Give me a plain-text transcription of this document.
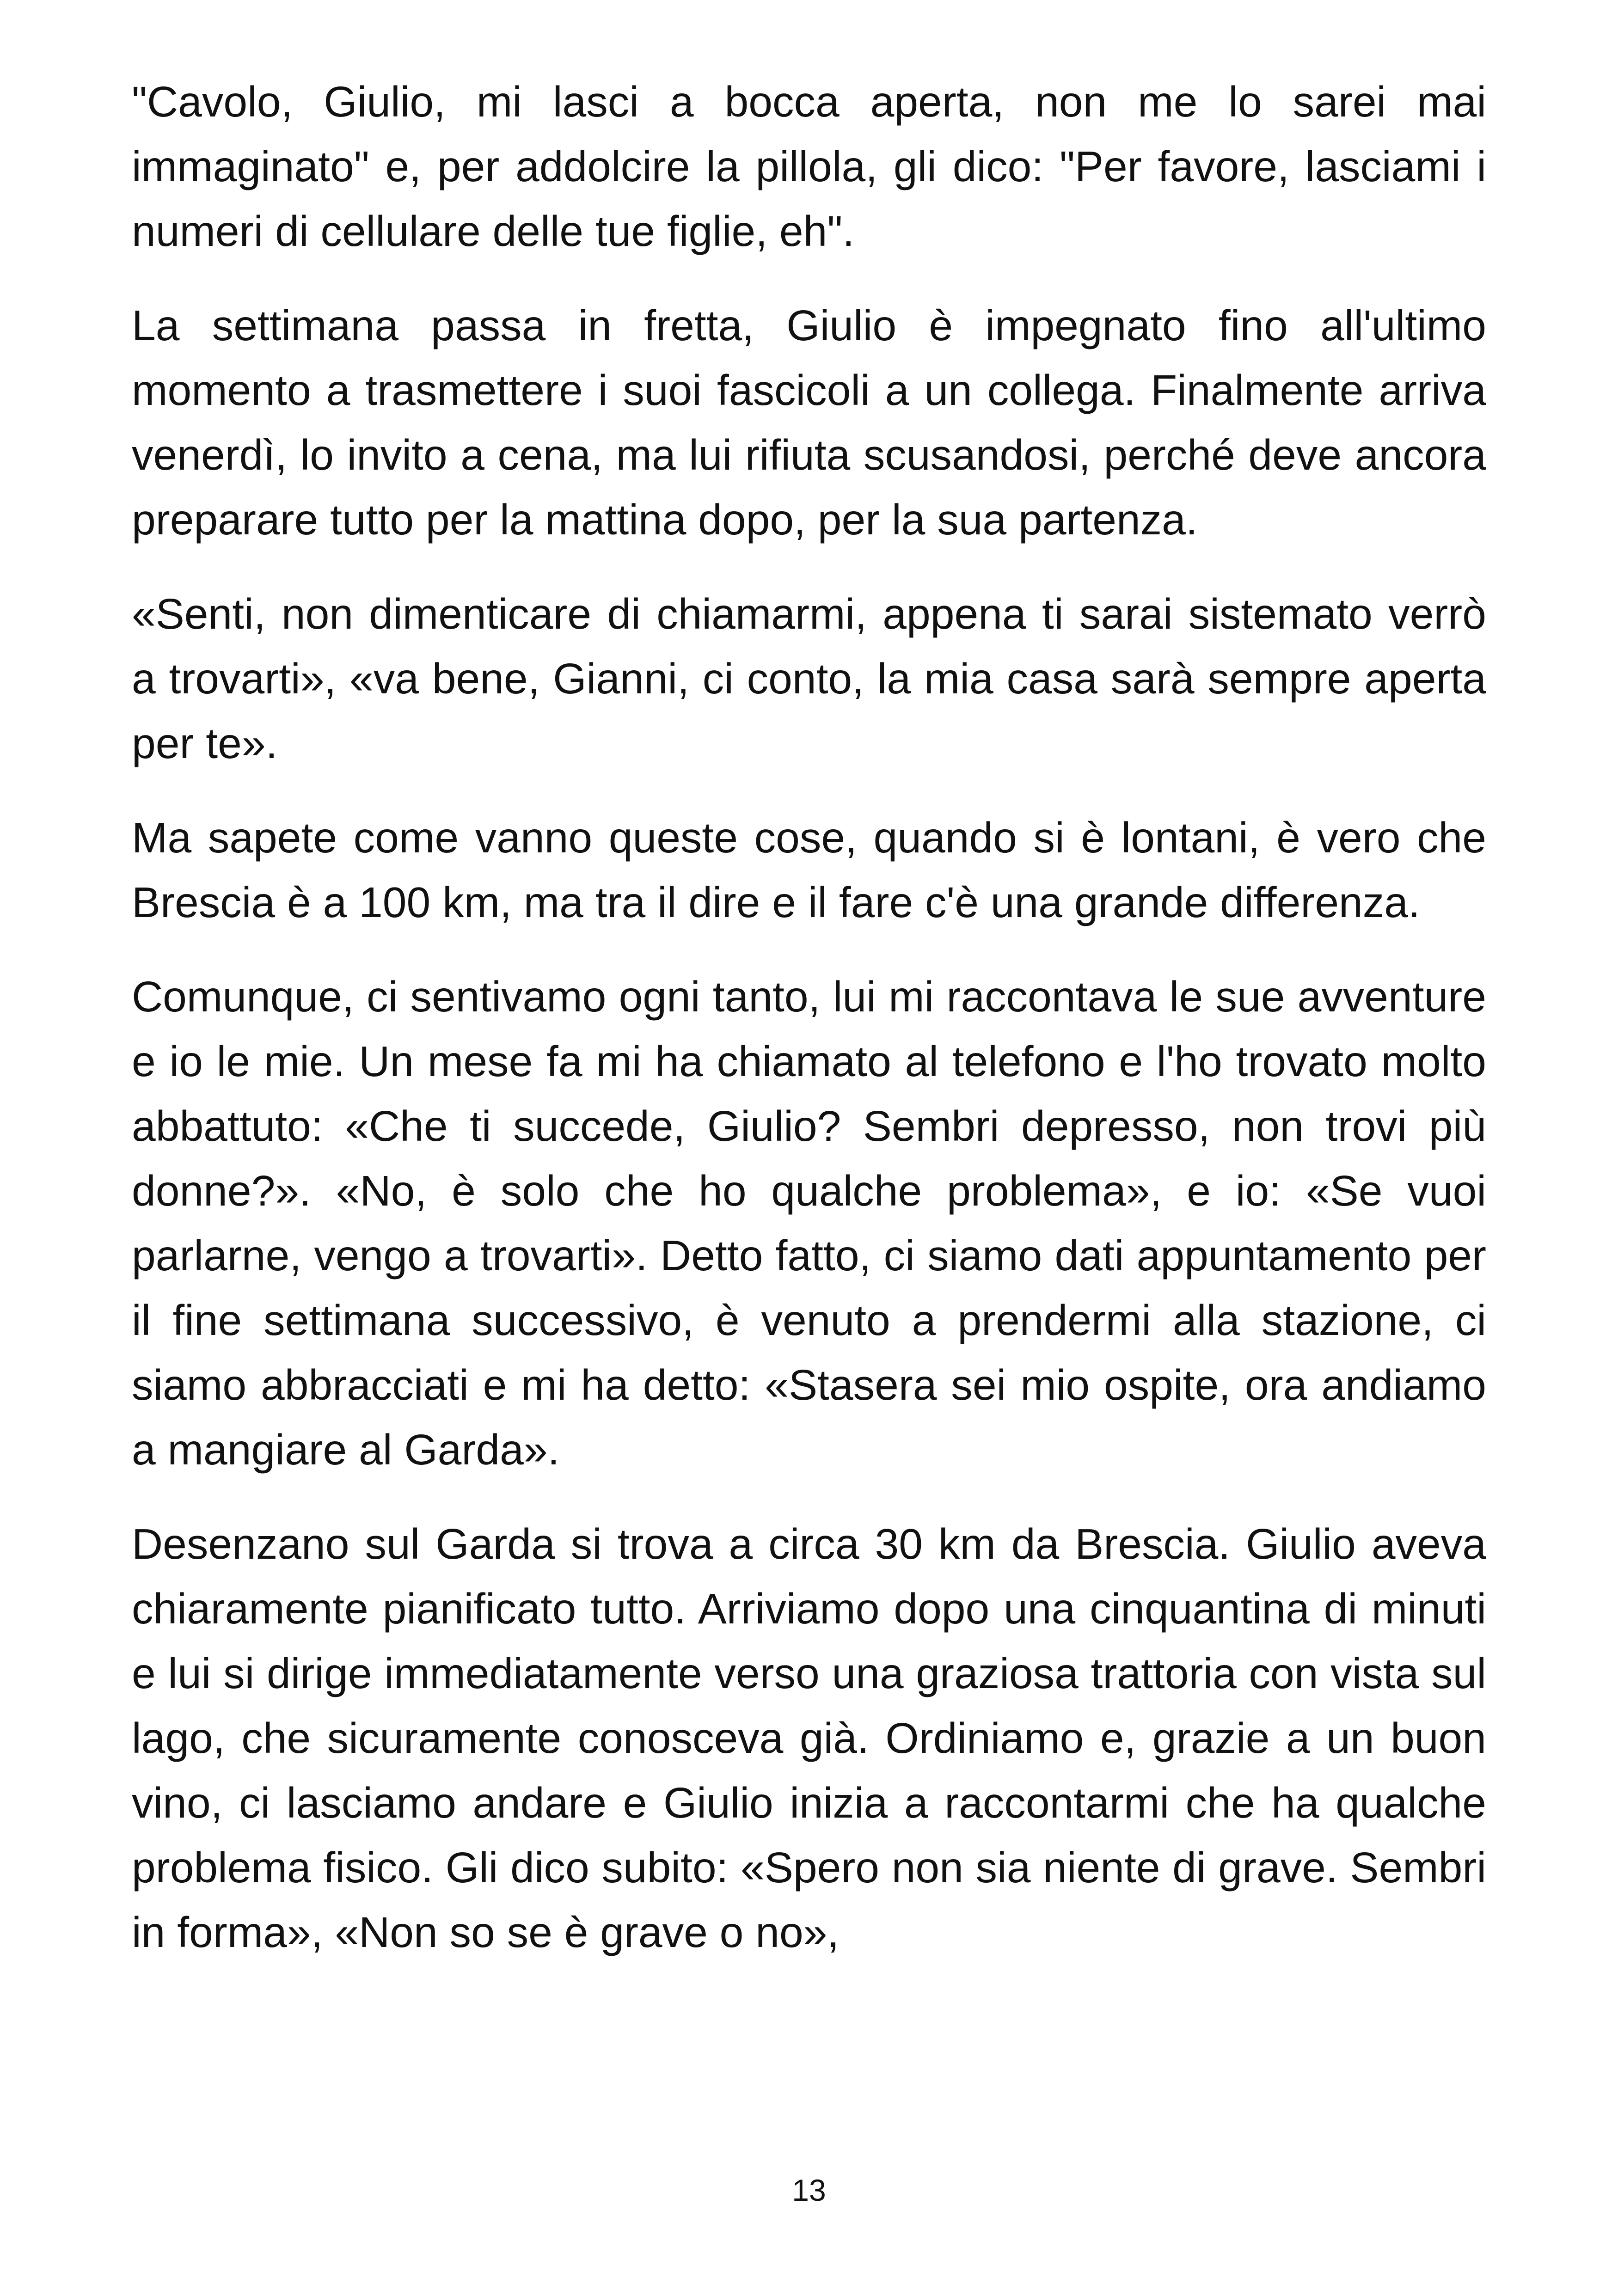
"Cavolo, Giulio, mi lasci a bocca aperta, non me lo sarei mai immaginato" e, per addolcire la pillola, gli dico: "Per favore, lasciami i numeri di cellulare delle tue figlie, eh".

La settimana passa in fretta, Giulio è impegnato fino all'ultimo momento a trasmettere i suoi fascicoli a un collega. Finalmente arriva venerdì, lo invito a cena, ma lui rifiuta scusandosi, perché deve ancora preparare tutto per la mattina dopo, per la sua partenza.

«Senti, non dimenticare di chiamarmi, appena ti sarai sistemato verrò a trovarti», «va bene, Gianni, ci conto, la mia casa sarà sempre aperta per te».

Ma sapete come vanno queste cose, quando si è lontani, è vero che Brescia è a 100 km, ma tra il dire e il fare c'è una grande differenza.

Comunque, ci sentivamo ogni tanto, lui mi raccontava le sue avventure e io le mie. Un mese fa mi ha chiamato al telefono e l'ho trovato molto abbattuto: «Che ti succede, Giulio? Sembri depresso, non trovi più donne?». «No, è solo che ho qualche problema», e io: «Se vuoi parlarne, vengo a trovarti». Detto fatto, ci siamo dati appuntamento per il fine settimana successivo, è venuto a prendermi alla stazione, ci siamo abbracciati e mi ha detto: «Stasera sei mio ospite, ora andiamo a mangiare al Garda».

Desenzano sul Garda si trova a circa 30 km da Brescia. Giulio aveva chiaramente pianificato tutto. Arriviamo dopo una cinquantina di minuti e lui si dirige immediatamente verso una graziosa trattoria con vista sul lago, che sicuramente conosceva già. Ordiniamo e, grazie a un buon vino, ci lasciamo andare e Giulio inizia a raccontarmi che ha qualche problema fisico. Gli dico subito: «Spero non sia niente di grave. Sembri in forma», «Non so se è grave o no»,

13
